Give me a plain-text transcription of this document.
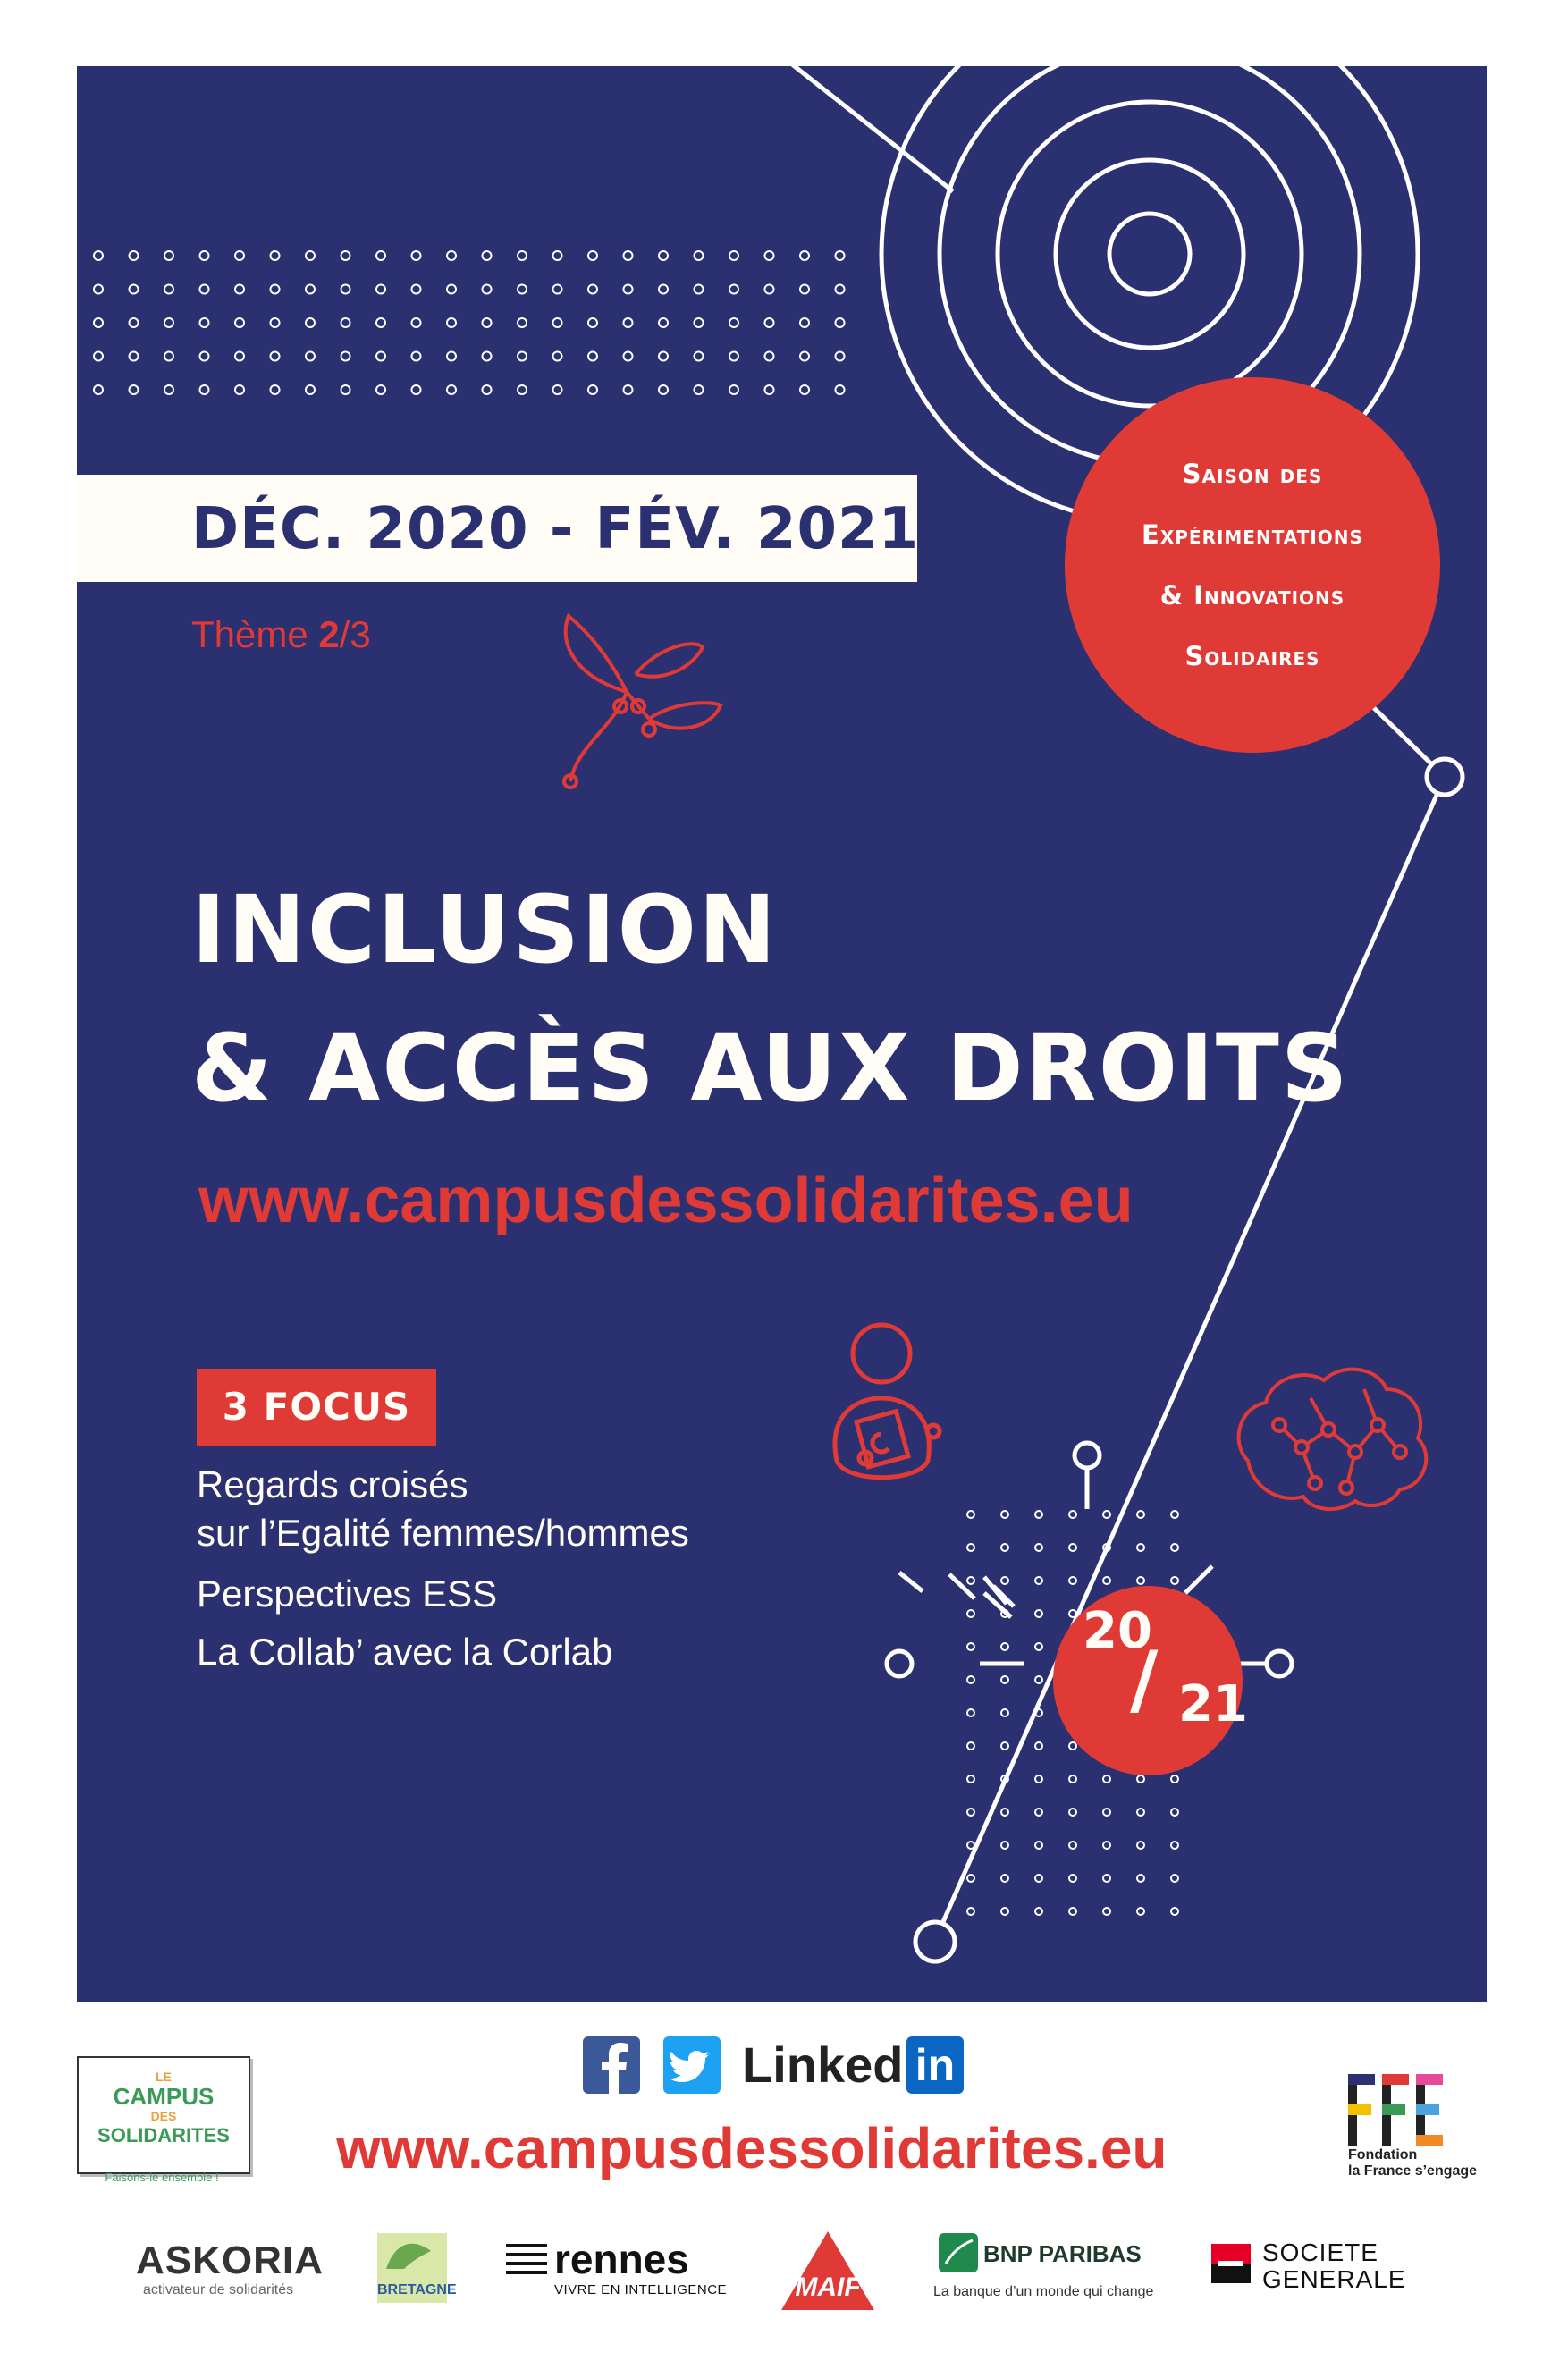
DÉC. 2020 - FÉV. 2021
Thème 2/3
Saison des
Expérimentations
& Innovations
Solidaires
INCLUSION
& ACCÈS AUX DROITS
www.campusdessolidarites.eu
3 FOCUS
Regards croisés
sur l’Egalité femmes/hommes
Perspectives ESS
La Collab’ avec la Corlab	20
/ 21
LE
CAMPUS
DES
SOLIDARITES
Faisons-le ensemble !
Linked in
www.campusdessolidarites.eu	Fondation
la France s’engage
ASKORIA
activateur de solidarités	BRETAGNE
rennes
VIVRE EN INTELLIGENCE	MAIF
BNP PARIBAS
La banque d’un monde qui change
SOCIETE
GENERALE
